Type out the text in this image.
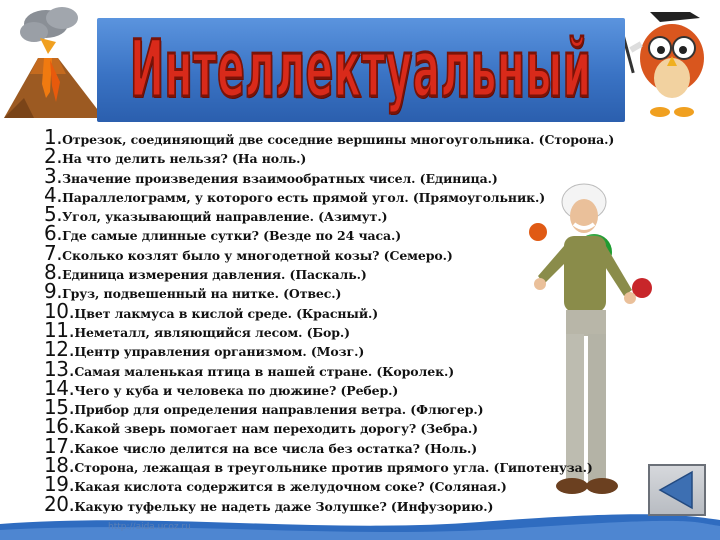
Интеллектуальный
1.Отрезок, соединяющий две соседние вершины многоугольника. (Сторона.)
2.На что делить нельзя? (На ноль.)
3.Значение произведения взаимообратных чисел. (Единица.)
4.Параллелограмм, у которого есть прямой угол. (Прямоугольник.)
5.Угол, указывающий направление. (Азимут.)
6.Где самые длинные сутки? (Везде по 24 часа.)
7.Сколько козлят было у многодетной козы? (Семеро.)
8.Единица измерения давления. (Паскаль.)
9.Груз, подвешенный на нитке. (Отвес.)
10.Цвет лакмуса в кислой среде. (Красный.)
11.Неметалл, являющийся лесом. (Бор.)
12.Центр управления организмом. (Мозг.)
13.Самая маленькая птица в нашей стране. (Королек.)
14.Чего у куба и человека по дюжине? (Ребер.)
15.Прибор для определения направления ветра. (Флюгер.)
16.Какой зверь помогает нам переходить дорогу? (Зебра.)
17.Какое число делится на все числа без остатка? (Ноль.)
18.Сторона, лежащая в треугольнике против прямого угла. (Гипотенуза.)
19.Какая кислота содержится в желудочном соке? (Соляная.)
20.Какую туфельку не надеть даже Золушке? (Инфузорию.)
http://aida.ucoz.ru
